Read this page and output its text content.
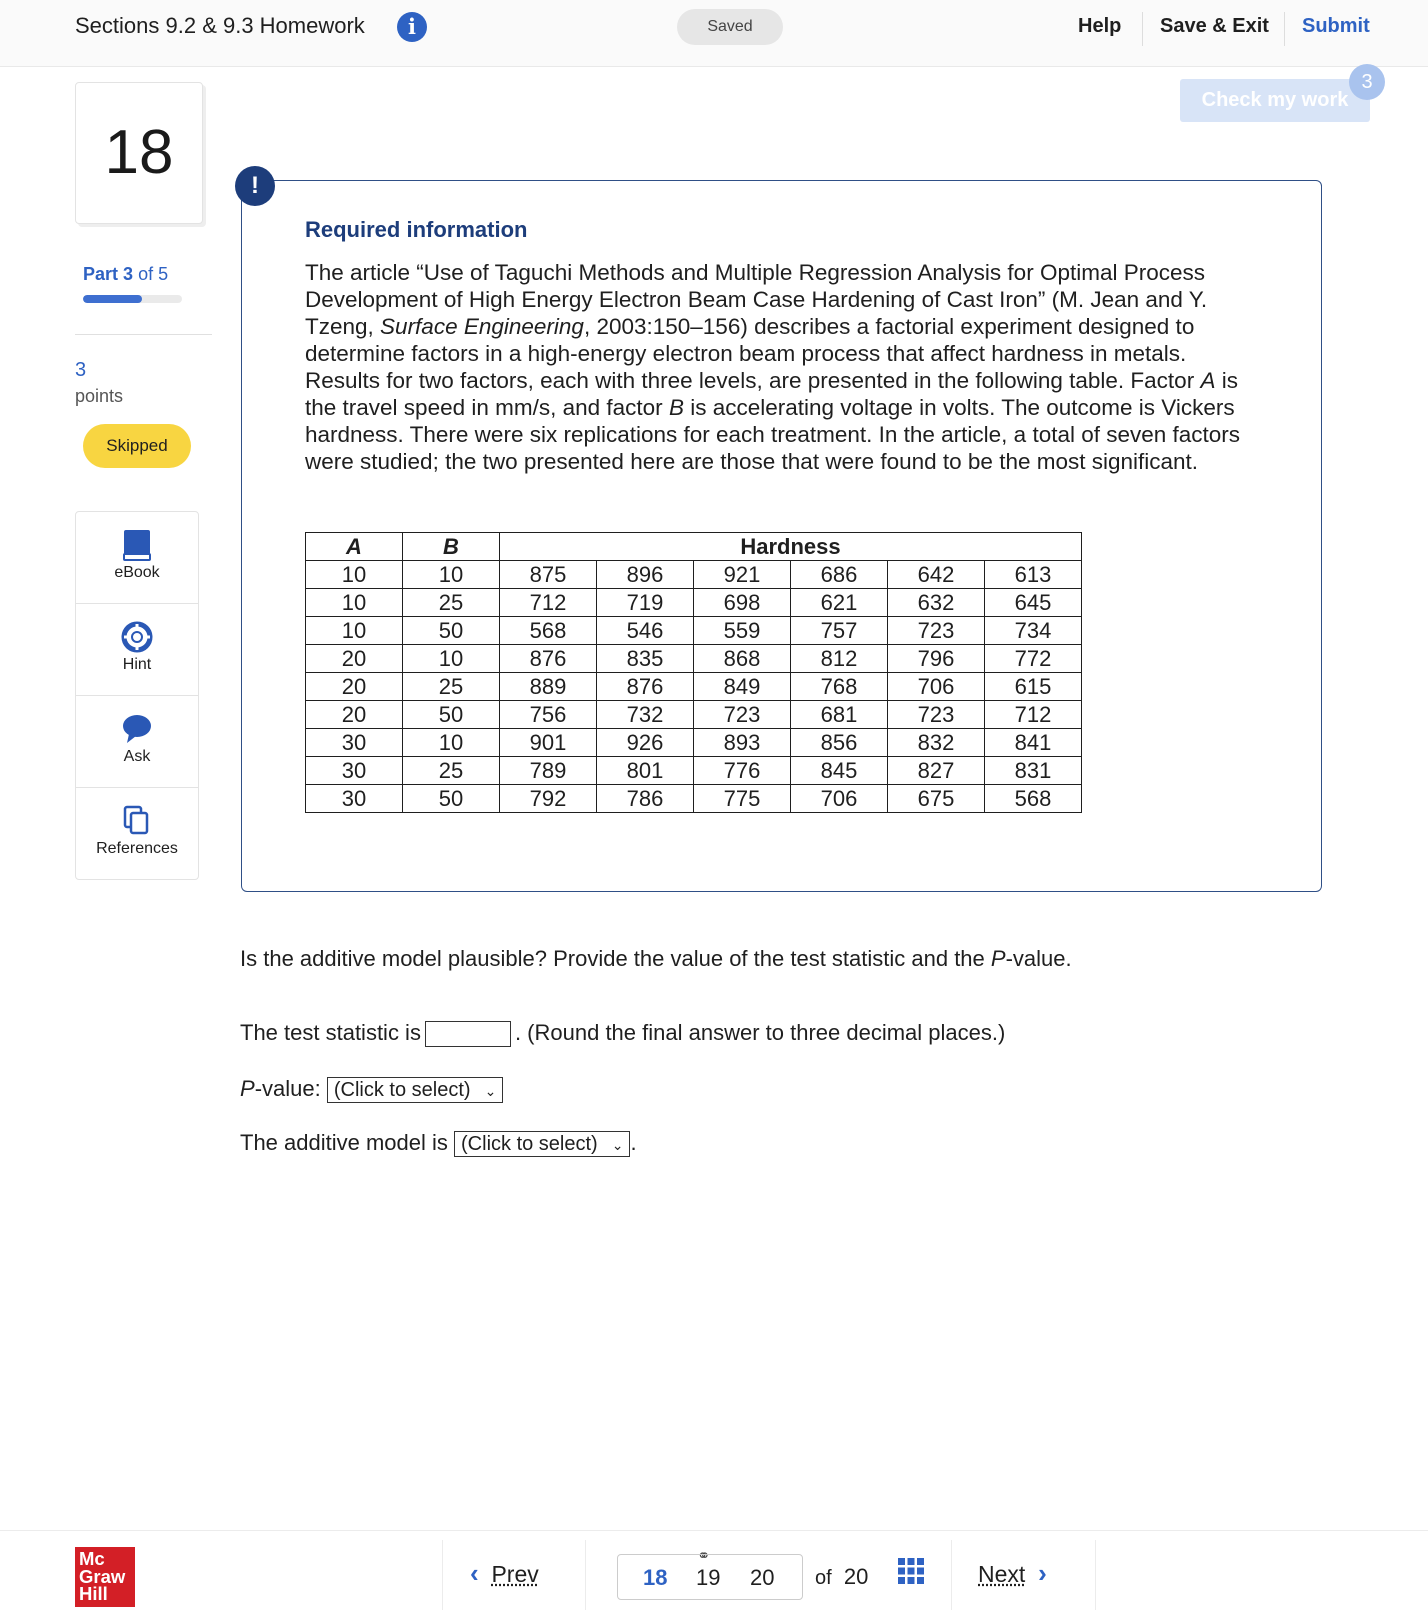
Sections 9.2 & 9.3 Homework	i	Saved	Help Save & Exit Submit
Check my work
3
18
Part 3 of 5
3
points
Skipped
eBook
Hint
Ask
References
!
Required information
The article “Use of Taguchi Methods and Multiple Regression Analysis for Optimal Process Development of High Energy Electron Beam Case Hardening of Cast Iron” (M. Jean and Y. Tzeng, Surface Engineering, 2003:150–156) describes a factorial experiment designed to determine factors in a high-energy electron beam process that affect hardness in metals. Results for two factors, each with three levels, are presented in the following table. Factor A is the travel speed in mm/s, and factor B is accelerating voltage in volts. The outcome is Vickers hardness. There were six replications for each treatment. In the article, a total of seven factors were studied; the two presented here are those that were found to be the most significant.
A	B	Hardness					
10	10	875	896	921	686	642	613
10	25	712	719	698	621	632	645
10	50	568	546	559	757	723	734
20	10	876	835	868	812	796	772
20	25	889	876	849	768	706	615
20	50	756	732	723	681	723	712
30	10	901	926	893	856	832	841
30	25	789	801	776	845	827	831
30	50	792	786	775	706	675	568
Is the additive model plausible? Provide the value of the test statistic and the P-value.
The test statistic is	. (Round the final answer to three decimal places.)
P-value: (Click to select) ⌄
The additive model is (Click to select) ⌄ .
Mc
Graw
Hill
‹ Prev
⚭
18 19 20 of 20	Next ›
